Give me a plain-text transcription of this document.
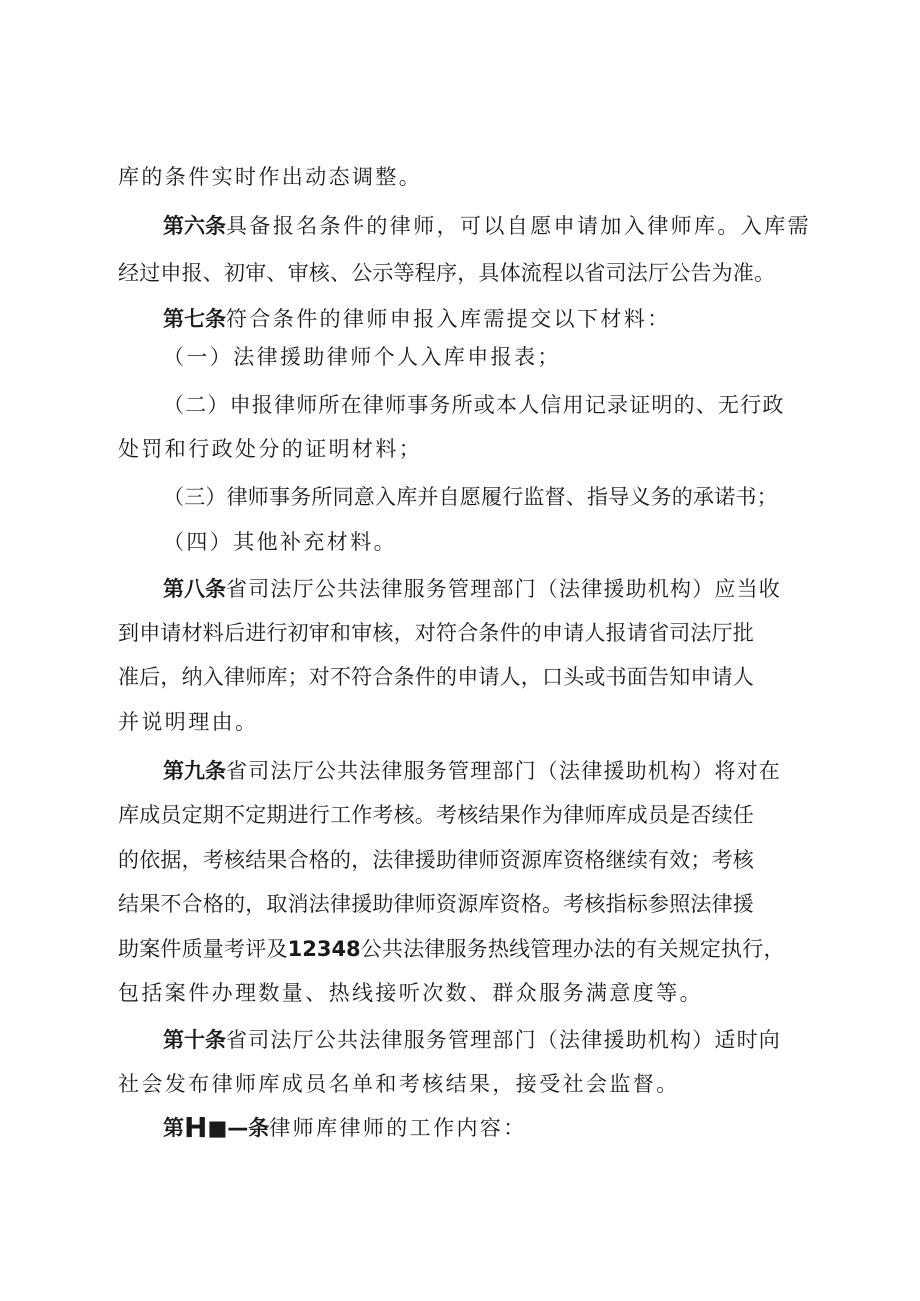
库的条件实时作出动态调整。
第六条具备报名条件的律师，可以自愿申请加入律师库。入库需
经过申报、初审、审核、公示等程序，具体流程以省司法厅公告为准。
第七条符合条件的律师申报入库需提交以下材料：
（一）法律援助律师个人入库申报表；
（二）申报律师所在律师事务所或本人信用记录证明的、无行政
处罚和行政处分的证明材料；
（三）律师事务所同意入库并自愿履行监督、指导义务的承诺书；
（四）其他补充材料。
第八条省司法厅公共法律服务管理部门（法律援助机构）应当收
到申请材料后进行初审和审核，对符合条件的申请人报请省司法厅批
准后，纳入律师库；对不符合条件的申请人，口头或书面告知申请人
并说明理由。
第九条省司法厅公共法律服务管理部门（法律援助机构）将对在
库成员定期不定期进行工作考核。考核结果作为律师库成员是否续任
的依据，考核结果合格的，法律援助律师资源库资格继续有效；考核
结果不合格的，取消法律援助律师资源库资格。考核指标参照法律援
助案件质量考评及12348公共法律服务热线管理办法的有关规定执行，
包括案件办理数量、热线接听次数、群众服务满意度等。
第十条省司法厅公共法律服务管理部门（法律援助机构）适时向
社会发布律师库成员名单和考核结果，接受社会监督。
第H■—条律师库律师的工作内容：
